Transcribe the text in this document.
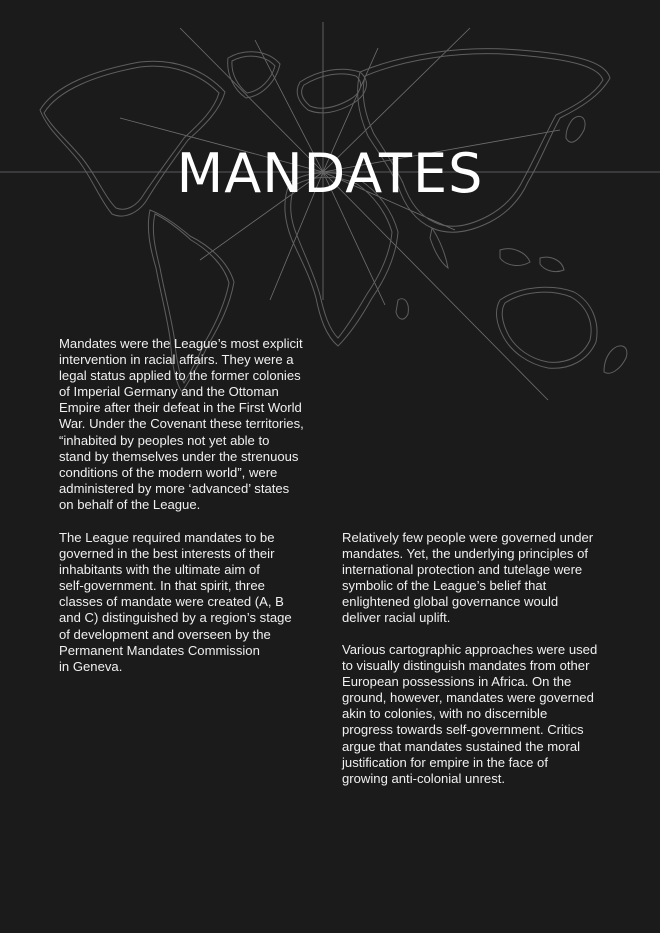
MANDATES

Mandates were the League’s most explicit
intervention in racial affairs. They were a
legal status applied to the former colonies
of Imperial Germany and the Ottoman
Empire after their defeat in the First World
War. Under the Covenant these territories,
“inhabited by peoples not yet able to
stand by themselves under the strenuous
conditions of the modern world”, were
administered by more ‘advanced’ states
on behalf of the League.

The League required mandates to be
governed in the best interests of their
inhabitants with the ultimate aim of
self-government. In that spirit, three
classes of mandate were created (A, B
and C) distinguished by a region’s stage
of development and overseen by the
Permanent Mandates Commission
in Geneva.

Relatively few people were governed under
mandates. Yet, the underlying principles of
international protection and tutelage were
symbolic of the League’s belief that
enlightened global governance would
deliver racial uplift.

Various cartographic approaches were used
to visually distinguish mandates from other
European possessions in Africa. On the
ground, however, mandates were governed
akin to colonies, with no discernible
progress towards self-government. Critics
argue that mandates sustained the moral
justification for empire in the face of
growing anti-colonial unrest.
